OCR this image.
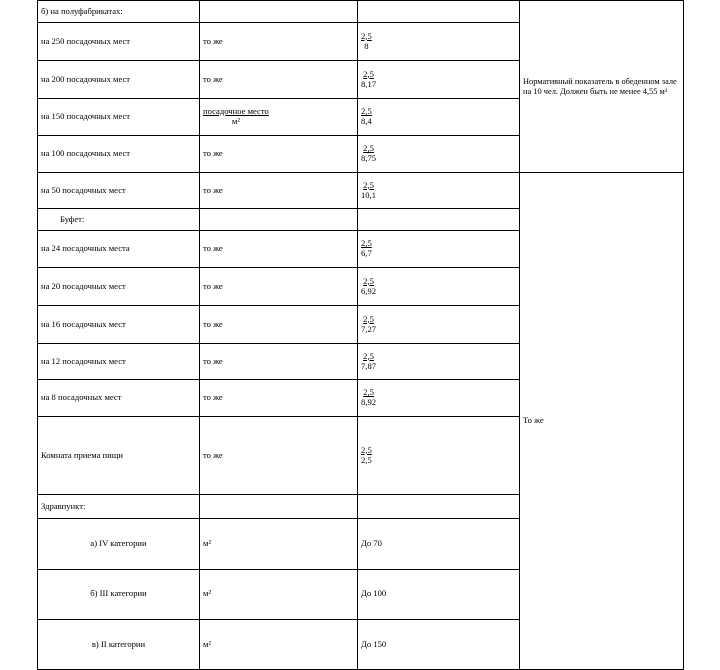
б) на полуфабрикатах:			Нормативный показатель в обеденном зале на 10 чел. Должен быть не менее 4,55 м²	
на 250 посадочных мест	то же	$\frac{2,5}{8}$

на 200 посадочных мест	то же	$\frac{2,5}{8,17}$

на 150 посадочных мест	$\frac{\text{посадочное место}}{\text{м²}}$	$\frac{2,5}{8,4}$

на 100 посадочных мест	то же	$\frac{2,5}{8,75}$

на 50 посадочных мест	то же	$\frac{2,5}{10,1}$	То же	
Буфет:				
на 24 посадочных места	то же	$\frac{2,5}{6,7}$

на 20 посадочных мест	то же	$\frac{2,5}{6,92}$

на 16 посадочных мест	то же	$\frac{2,5}{7,27}$

на 12 посадочных мест	то же	$\frac{2,5}{7,87}$

на 8 посадочных мест	то же	$\frac{2,5}{8,92}$

Комната приема пищи	то же	$\frac{2,5}{2,5}$

Здравпункт:			
а) IV категории	м²	До 70	
б) III категории	м²	До 100	
в) II категории	м²	До 150	
